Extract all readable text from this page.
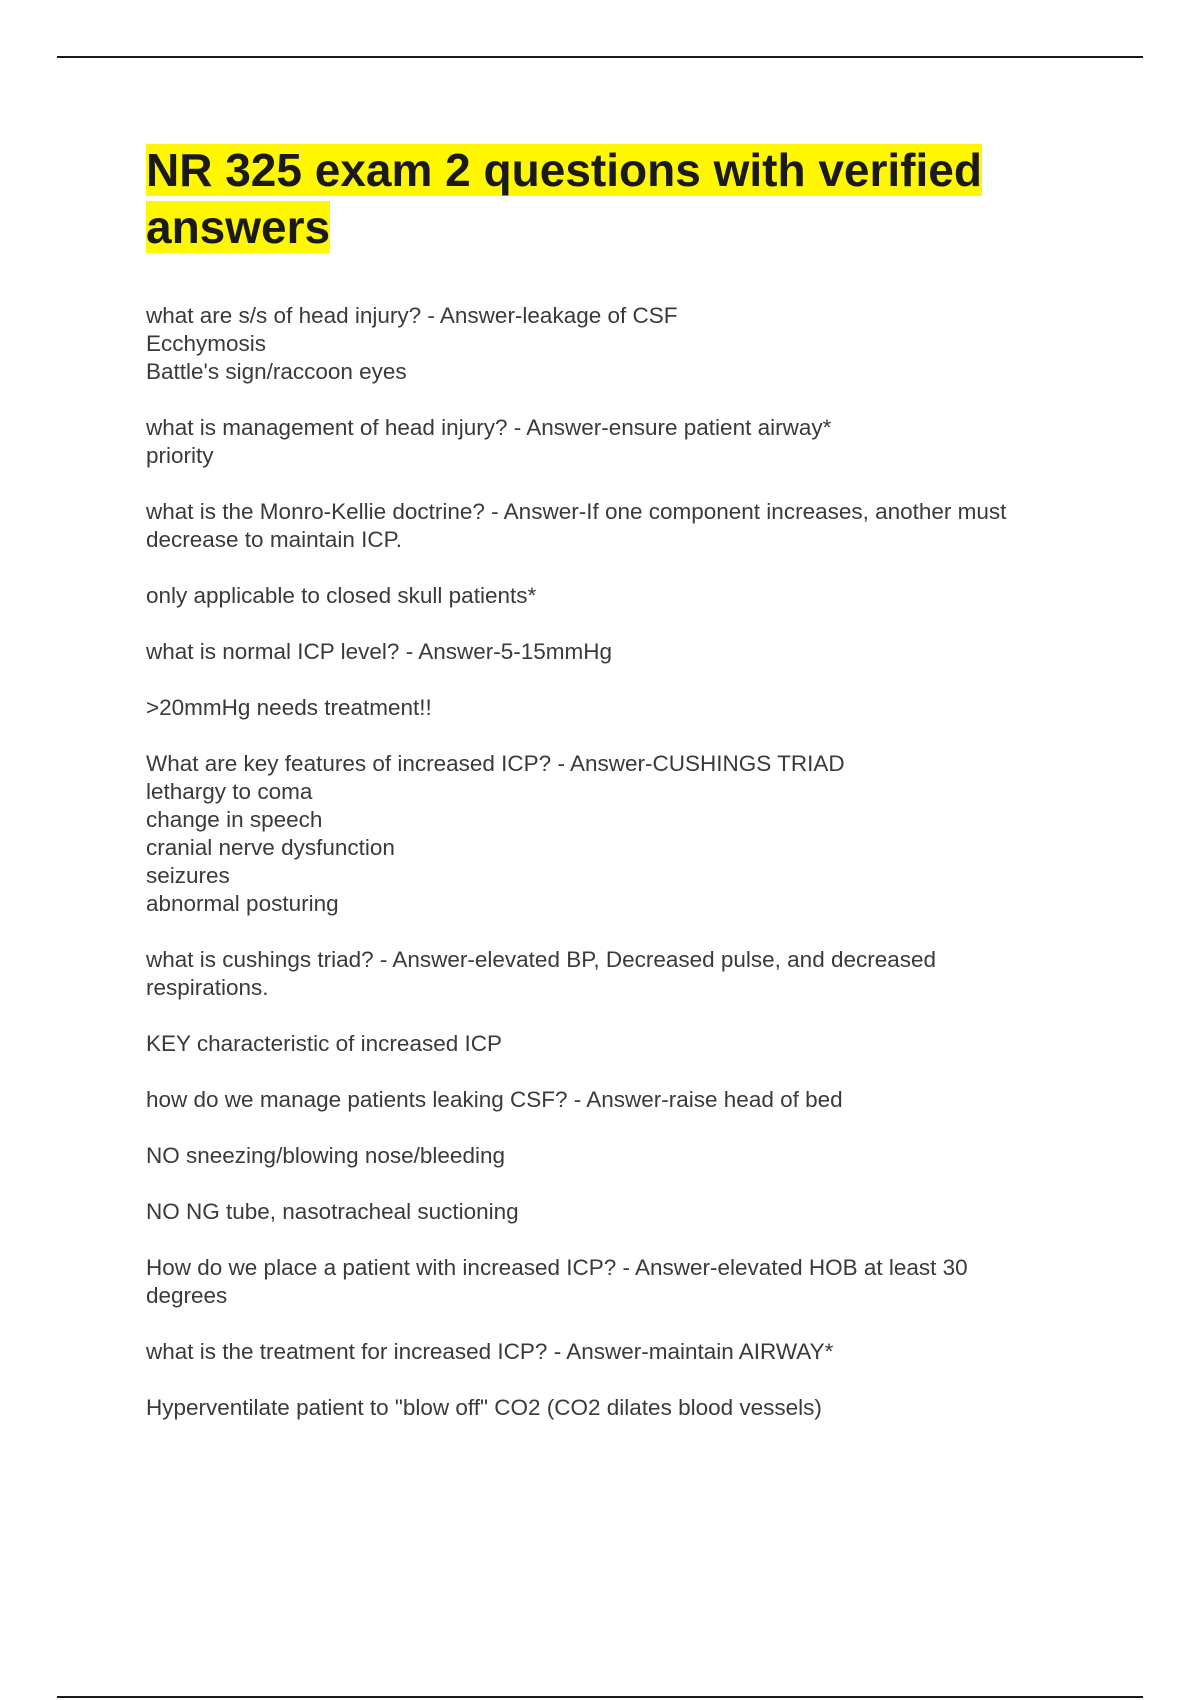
NR 325 exam 2 questions with verified answers

what are s/s of head injury? - Answer-leakage of CSF
Ecchymosis
Battle's sign/raccoon eyes

what is management of head injury? - Answer-ensure patient airway*
priority

what is the Monro-Kellie doctrine? - Answer-If one component increases, another must
decrease to maintain ICP.

only applicable to closed skull patients*

what is normal ICP level? - Answer-5-15mmHg

>20mmHg needs treatment!!

What are key features of increased ICP? - Answer-CUSHINGS TRIAD
lethargy to coma
change in speech
cranial nerve dysfunction
seizures
abnormal posturing

what is cushings triad? - Answer-elevated BP, Decreased pulse, and decreased
respirations.

KEY characteristic of increased ICP

how do we manage patients leaking CSF? - Answer-raise head of bed

NO sneezing/blowing nose/bleeding

NO NG tube, nasotracheal suctioning

How do we place a patient with increased ICP? - Answer-elevated HOB at least 30
degrees

what is the treatment for increased ICP? - Answer-maintain AIRWAY*

Hyperventilate patient to "blow off" CO2 (CO2 dilates blood vessels)
